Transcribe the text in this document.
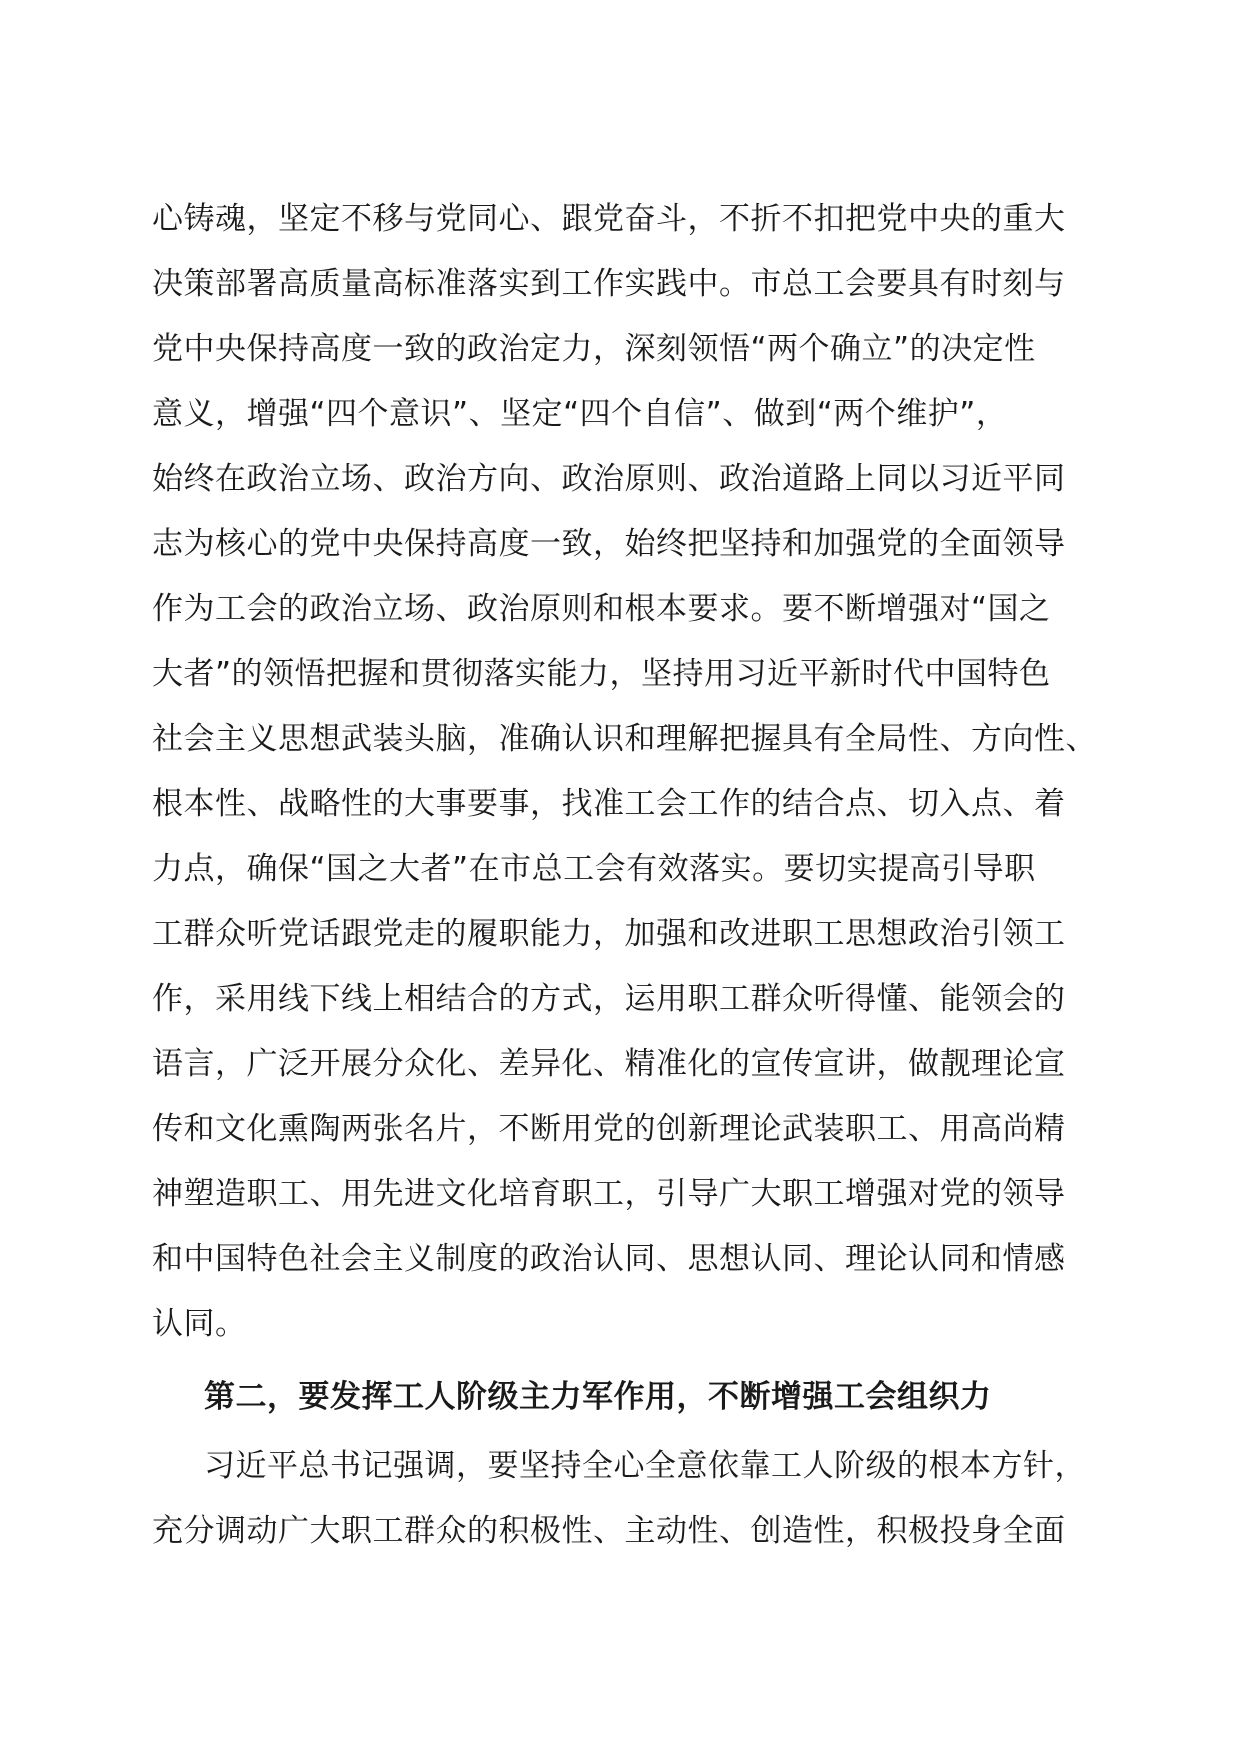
心铸魂，坚定不移与党同心、跟党奋斗，不折不扣把党中央的重大
决策部署高质量高标准落实到工作实践中。市总工会要具有时刻与
党中央保持高度一致的政治定力，深刻领悟“两个确立”的决定性
意义，增强“四个意识”、坚定“四个自信”、做到“两个维护”，
始终在政治立场、政治方向、政治原则、政治道路上同以习近平同
志为核心的党中央保持高度一致，始终把坚持和加强党的全面领导
作为工会的政治立场、政治原则和根本要求。要不断增强对“国之
大者”的领悟把握和贯彻落实能力，坚持用习近平新时代中国特色
社会主义思想武装头脑，准确认识和理解把握具有全局性、方向性、
根本性、战略性的大事要事，找准工会工作的结合点、切入点、着
力点，确保“国之大者”在市总工会有效落实。要切实提高引导职
工群众听党话跟党走的履职能力，加强和改进职工思想政治引领工
作，采用线下线上相结合的方式，运用职工群众听得懂、能领会的
语言，广泛开展分众化、差异化、精准化的宣传宣讲，做靓理论宣
传和文化熏陶两张名片，不断用党的创新理论武装职工、用高尚精
神塑造职工、用先进文化培育职工，引导广大职工增强对党的领导
和中国特色社会主义制度的政治认同、思想认同、理论认同和情感
认同。
第二，要发挥工人阶级主力军作用，不断增强工会组织力
习近平总书记强调，要坚持全心全意依靠工人阶级的根本方针，
充分调动广大职工群众的积极性、主动性、创造性，积极投身全面
